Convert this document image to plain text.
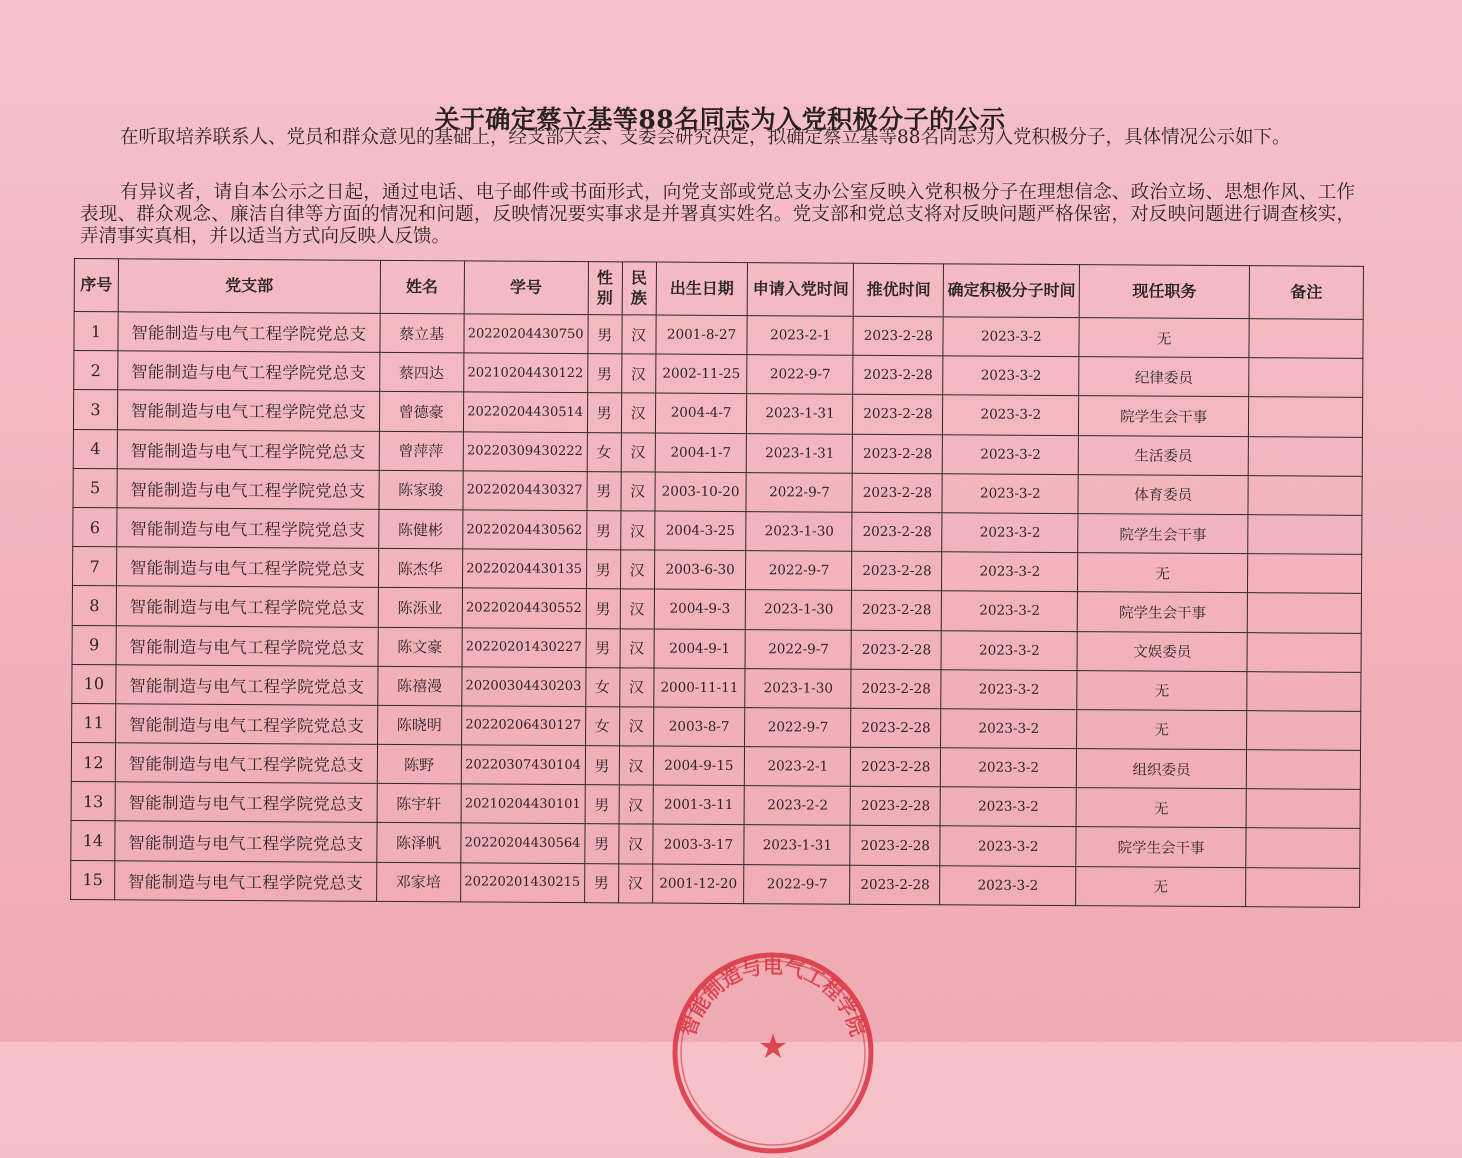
关于确定蔡立基等88名同志为入党积极分子的公示
在听取培养联系人、党员和群众意见的基础上，经支部大会、支委会研究决定，拟确定蔡立基等88名同志为入党积极分子，具体情况公示如下。
有异议者，请自本公示之日起，通过电话、电子邮件或书面形式，向党支部或党总支办公室反映入党积极分子在理想信念、政治立场、思想作风、工作表现、群众观念、廉洁自律等方面的情况和问题，反映情况要实事求是并署真实姓名。党支部和党总支将对反映问题严格保密，对反映问题进行调查核实，弄清事实真相，并以适当方式向反映人反馈。
序号	党支部	姓名	学号	性别	民族	出生日期	申请入党时间	推优时间	确定积极分子时间	现任职务	备注
1	智能制造与电气工程学院党总支	蔡立基	20220204430750	男	汉	2001-8-27	2023-2-1	2023-2-28	2023-3-2	无	
2	智能制造与电气工程学院党总支	蔡四达	20210204430122	男	汉	2002-11-25	2022-9-7	2023-2-28	2023-3-2	纪律委员	
3	智能制造与电气工程学院党总支	曾德豪	20220204430514	男	汉	2004-4-7	2023-1-31	2023-2-28	2023-3-2	院学生会干事	
4	智能制造与电气工程学院党总支	曾萍萍	20220309430222	女	汉	2004-1-7	2023-1-31	2023-2-28	2023-3-2	生活委员	
5	智能制造与电气工程学院党总支	陈家骏	20220204430327	男	汉	2003-10-20	2022-9-7	2023-2-28	2023-3-2	体育委员	
6	智能制造与电气工程学院党总支	陈健彬	20220204430562	男	汉	2004-3-25	2023-1-30	2023-2-28	2023-3-2	院学生会干事	
7	智能制造与电气工程学院党总支	陈杰华	20220204430135	男	汉	2003-6-30	2022-9-7	2023-2-28	2023-3-2	无	
8	智能制造与电气工程学院党总支	陈泺业	20220204430552	男	汉	2004-9-3	2023-1-30	2023-2-28	2023-3-2	院学生会干事	
9	智能制造与电气工程学院党总支	陈文豪	20220201430227	男	汉	2004-9-1	2022-9-7	2023-2-28	2023-3-2	文娱委员	
10	智能制造与电气工程学院党总支	陈禧漫	20200304430203	女	汉	2000-11-11	2023-1-30	2023-2-28	2023-3-2	无	
11	智能制造与电气工程学院党总支	陈晓明	20220206430127	女	汉	2003-8-7	2022-9-7	2023-2-28	2023-3-2	无	
12	智能制造与电气工程学院党总支	陈野	20220307430104	男	汉	2004-9-15	2023-2-1	2023-2-28	2023-3-2	组织委员	
13	智能制造与电气工程学院党总支	陈宇轩	20210204430101	男	汉	2001-3-11	2023-2-2	2023-2-28	2023-3-2	无	
14	智能制造与电气工程学院党总支	陈泽帆	20220204430564	男	汉	2003-3-17	2023-1-31	2023-2-28	2023-3-2	院学生会干事	
15	智能制造与电气工程学院党总支	邓家培	20220201430215	男	汉	2001-12-20	2022-9-7	2023-2-28	2023-3-2	无	
智能制造与电气工程学院
★
